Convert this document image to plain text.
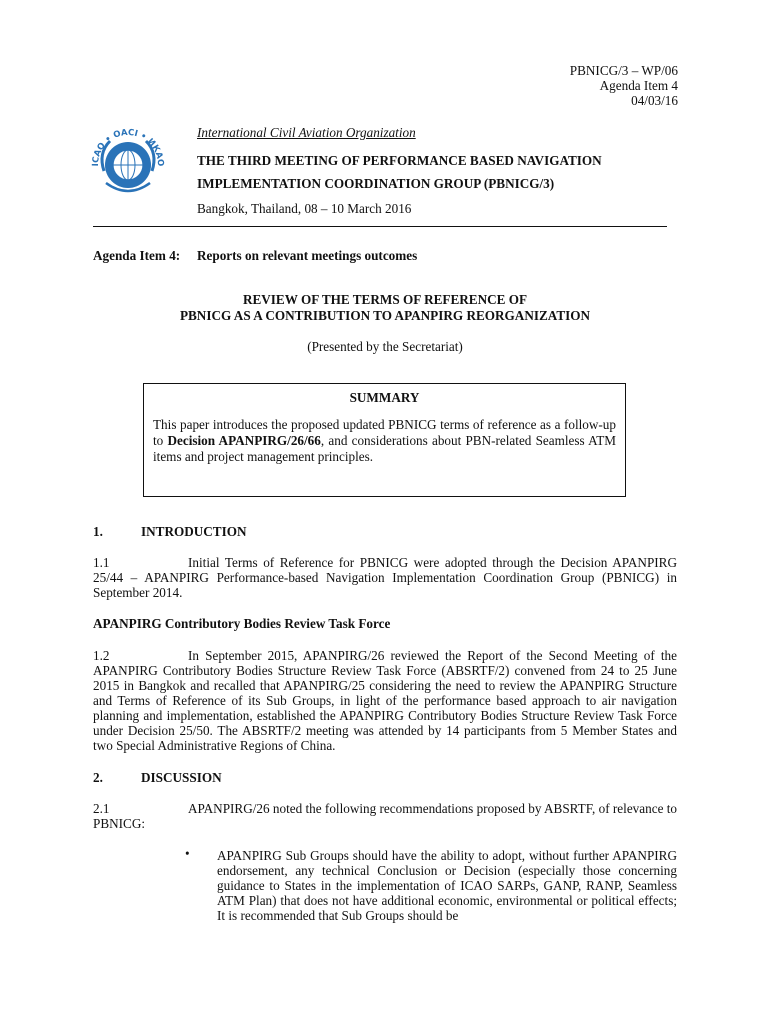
PBNICG/3 – WP/06
Agenda Item 4
04/03/16
ICAO • OACI • ИКАО
International Civil Aviation Organization
THE THIRD MEETING OF PERFORMANCE BASED NAVIGATION
IMPLEMENTATION COORDINATION GROUP (PBNICG/3)
Bangkok, Thailand, 08 – 10 March 2016
Agenda Item 4: Reports on relevant meetings outcomes
REVIEW OF THE TERMS OF REFERENCE OF
PBNICG AS A CONTRIBUTION TO APANPIRG REORGANIZATION
(Presented by the Secretariat)
SUMMARY
This paper introduces the proposed updated PBNICG terms of reference as a follow-up to Decision APANPIRG/26/66, and considerations about PBN-related Seamless ATM items and project management principles.
1.	INTRODUCTION
1.1	Initial Terms of Reference for PBNICG were adopted through the Decision APANPIRG 25/44 – APANPIRG Performance-based Navigation Implementation Coordination Group (PBNICG) in September 2014.
APANPIRG Contributory Bodies Review Task Force
1.2	In September 2015, APANPIRG/26 reviewed the Report of the Second Meeting of the APANPIRG Contributory Bodies Structure Review Task Force (ABSRTF/2) convened from 24 to 25 June 2015 in Bangkok and recalled that APANPIRG/25 considering the need to review the APANPIRG Structure and Terms of Reference of its Sub Groups, in light of the performance based approach to air navigation planning and implementation, established the APANPIRG Contributory Bodies Structure Review Task Force under Decision 25/50. The ABSRTF/2 meeting was attended by 14 participants from 5 Member States and two Special Administrative Regions of China.
2.	DISCUSSION
2.1	APANPIRG/26 noted the following recommendations proposed by ABSRTF, of relevance to PBNICG:
•	APANPIRG Sub Groups should have the ability to adopt, without further APANPIRG endorsement, any technical Conclusion or Decision (especially those concerning guidance to States in the implementation of ICAO SARPs, GANP, RANP, Seamless ATM Plan) that does not have additional economic, environmental or political effects; It is recommended that Sub Groups should be
